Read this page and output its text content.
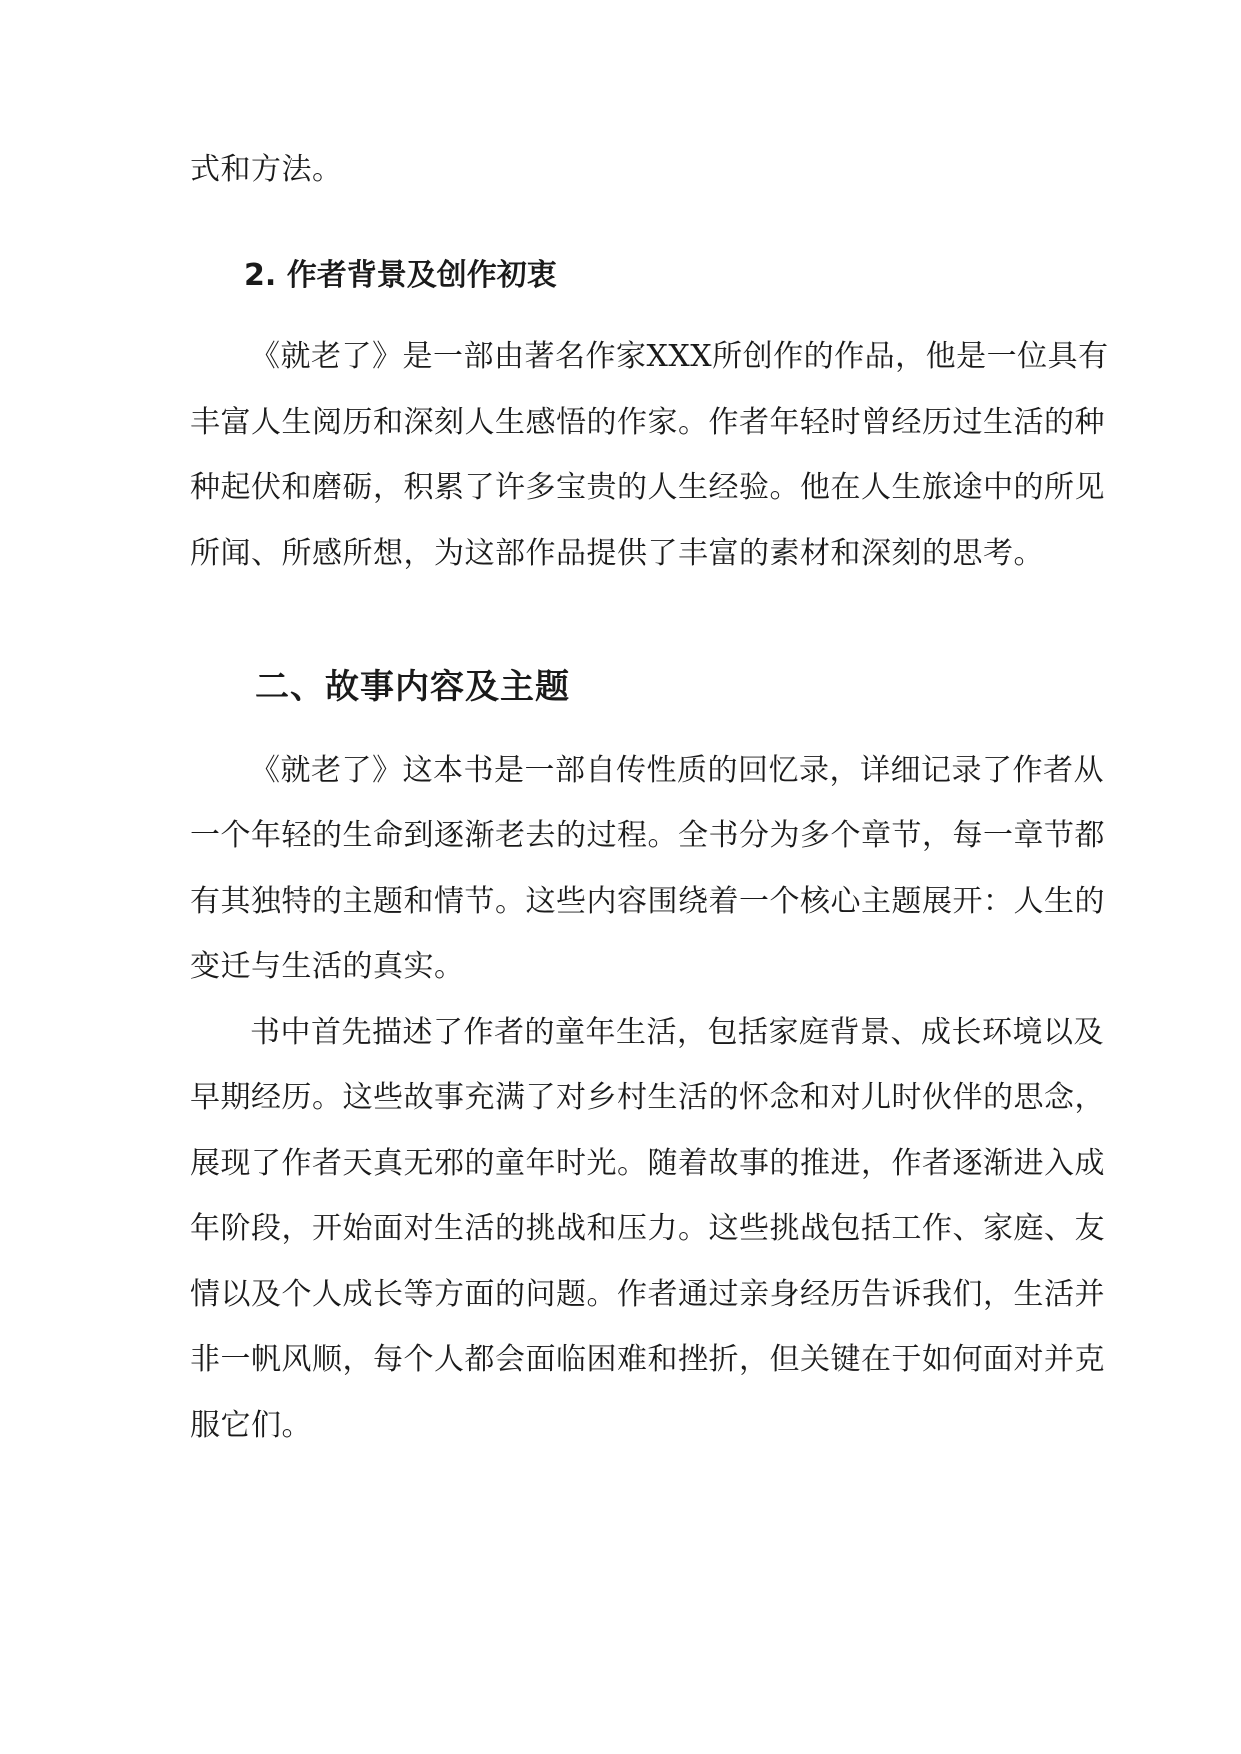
式和方法。
2. 作者背景及创作初衷
《就老了》是一部由著名作家XXX所创作的作品，他是一位具有
丰富人生阅历和深刻人生感悟的作家。作者年轻时曾经历过生活的种
种起伏和磨砺，积累了许多宝贵的人生经验。他在人生旅途中的所见
所闻、所感所想，为这部作品提供了丰富的素材和深刻的思考。
二、故事内容及主题
《就老了》这本书是一部自传性质的回忆录，详细记录了作者从
一个年轻的生命到逐渐老去的过程。全书分为多个章节，每一章节都
有其独特的主题和情节。这些内容围绕着一个核心主题展开：人生的
变迁与生活的真实。
书中首先描述了作者的童年生活，包括家庭背景、成长环境以及
早期经历。这些故事充满了对乡村生活的怀念和对儿时伙伴的思念，
展现了作者天真无邪的童年时光。随着故事的推进，作者逐渐进入成
年阶段，开始面对生活的挑战和压力。这些挑战包括工作、家庭、友
情以及个人成长等方面的问题。作者通过亲身经历告诉我们，生活并
非一帆风顺，每个人都会面临困难和挫折，但关键在于如何面对并克
服它们。
